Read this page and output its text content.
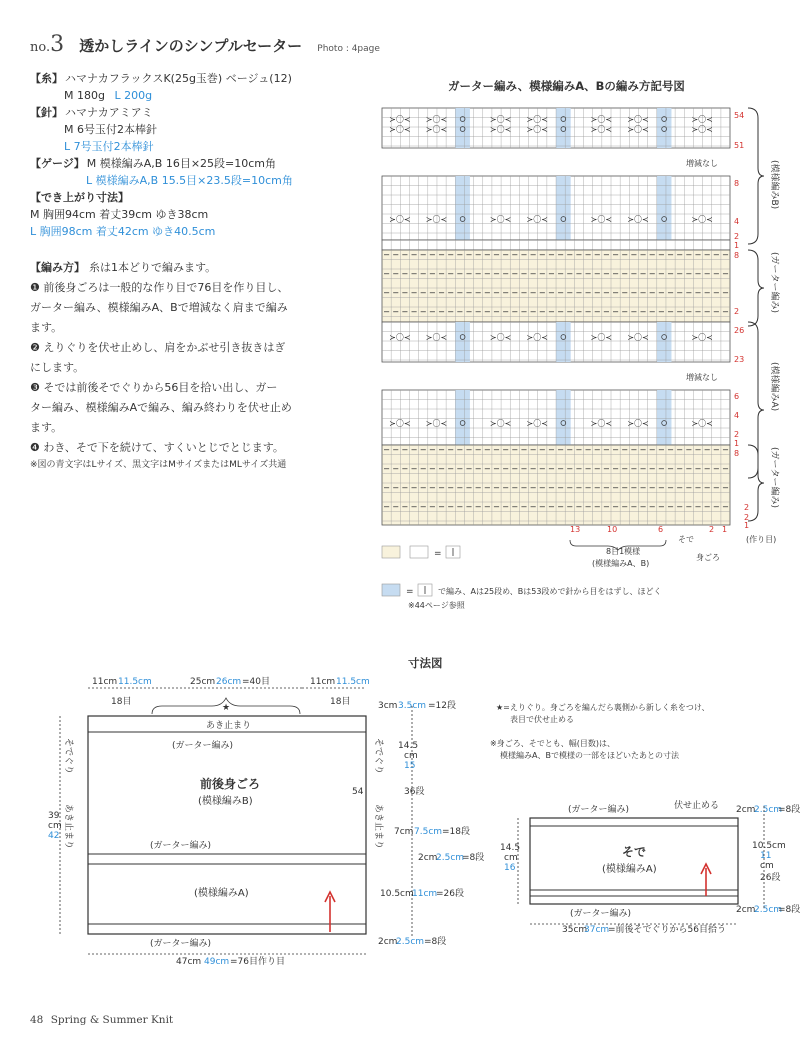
no.3 透かしラインのシンプルセーター Photo : 4page
【糸】 ハマナカフラックスK(25g玉巻) ベージュ(12)
M 180g L 200g
【針】 ハマナカアミアミ
M 6号玉付2本棒針
L 7号玉付2本棒針
【ゲージ】 M 模様編みA,B 16目×25段=10cm角
L 模様編みA,B 15.5目×23.5段=10cm角
【でき上がり寸法】
M 胸囲94cm 着丈39cm ゆき38cm
L 胸囲98cm 着丈42cm ゆき40.5cm
【編み方】 糸は1本どりで編みます。
❶ 前後身ごろは一般的な作り目で76目を作り目し、
ガーター編み、模様編みA、Bで増減なく肩まで編み
ます。
❷ えりぐりを伏せ止めし、肩をかぶせ引き抜きはぎ
にします。
❸ そでは前後そでぐりから56目を拾い出し、ガー
ター編み、模様編みAで編み、編み終わりを伏せ止め
ます。
❹ わき、そで下を続けて、すくいとじでとじます。
※図の青文字はLサイズ、黒文字はMサイズまたはMLサイズ共通
ガーター編み、模様編みA、Bの編み方記号図
≻〇≺ ≻〇≺	≻〇≺ ≻〇≺	≻〇≺ ≻〇≺	≻〇≺
≻〇≺ ≻〇≺	≻〇≺ ≻〇≺	≻〇≺ ≻〇≺	≻〇≺
≻〇≺ ≻〇≺	≻〇≺ ≻〇≺	≻〇≺ ≻〇≺	≻〇≺
≻〇≺ ≻〇≺	≻〇≺ ≻〇≺	≻〇≺ ≻〇≺	≻〇≺
≻〇≺ ≻〇≺	≻〇≺ ≻〇≺	≻〇≺ ≻〇≺	≻〇≺
54
51
8
4
2
1
8
2
26
23
6
4
2
1
8
2
2
1
13	10	6	2 1
増減なし
増減なし
(模様編みB)
(ガーター編み)
(模様編みA)
(ガーター編み)
(作り目)
そで
身ごろ
8目1模様
(模様編みA、B)
=
=	で編み、Aは25段め、Bは53段めで針から目をはずし、ほどく
※44ページ参照
寸法図
★
11cm 11.5cm
18目
25cm 26cm =40目	11cm 11.5cm
18目
あき止まり
(ガーター編み)
前後身ごろ
(模様編みB)
54
(ガーター編み)
(模様編みA)
(ガーター編み)
47cm 49cm =76目作り目
そでぐり	そでぐり
あき止まり	あき止まり
39
cm
42
3cm 3.5cm =12段
14.5
cm
15
36段
7cm 7.5cm =18段
2cm
2.5cm
=8段
10.5cm
11cm
=26段
2cm
2.5cm =8段
★=えりぐり。身ごろを編んだら裏側から新しく糸をつけ、
表目で伏せ止める
※身ごろ、そでとも、幅(目数)は、
模様編みA、Bで模様の一部をほどいたあとの寸法
(ガーター編み)	伏せ止める
そで
(模様編みA)
(ガーター編み)
14.5
cm
16
35cm
37cm
=前後そでぐりから56目拾う
2cm
2.5cm
=8段
10.5cm
11
cm
26段
2cm
2.5cm
=8段
48 Spring & Summer Knit
